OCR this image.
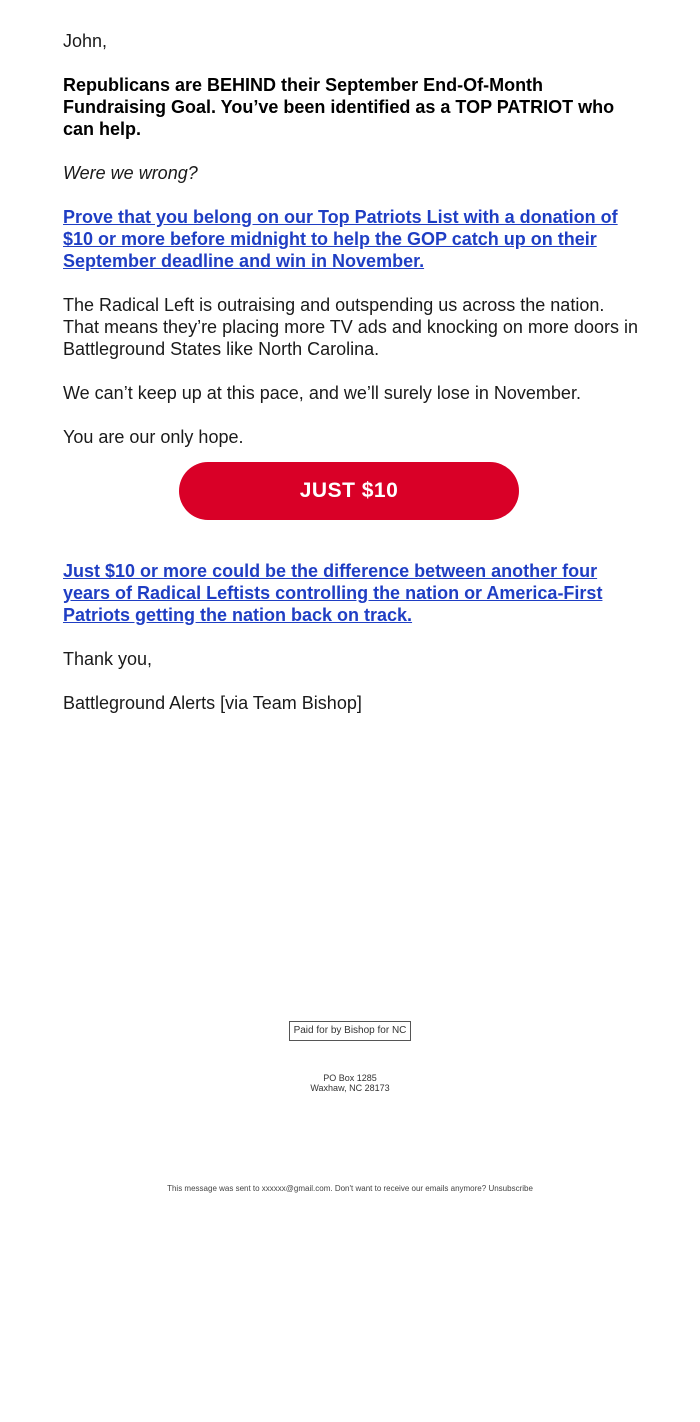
John,

Republicans are BEHIND their September End-Of-Month Fundraising Goal. You’ve been identified as a TOP PATRIOT who can help.

Were we wrong?

Prove that you belong on our Top Patriots List with a donation of $10 or more before midnight to help the GOP catch up on their September deadline and win in November.

The Radical Left is outraising and outspending us across the nation. That means they’re placing more TV ads and knocking on more doors in Battleground States like North Carolina.

We can’t keep up at this pace, and we’ll surely lose in November.

You are our only hope.

JUST $10
Just $10 or more could be the difference between another four years of Radical Leftists controlling the nation or America-First Patriots getting the nation back on track.

Thank you,

Battleground Alerts [via Team Bishop]

Paid for by Bishop for NC
PO Box 1285
Waxhaw, NC 28173
This message was sent to xxxxxx@gmail.com. Don't want to receive our emails anymore? Unsubscribe
